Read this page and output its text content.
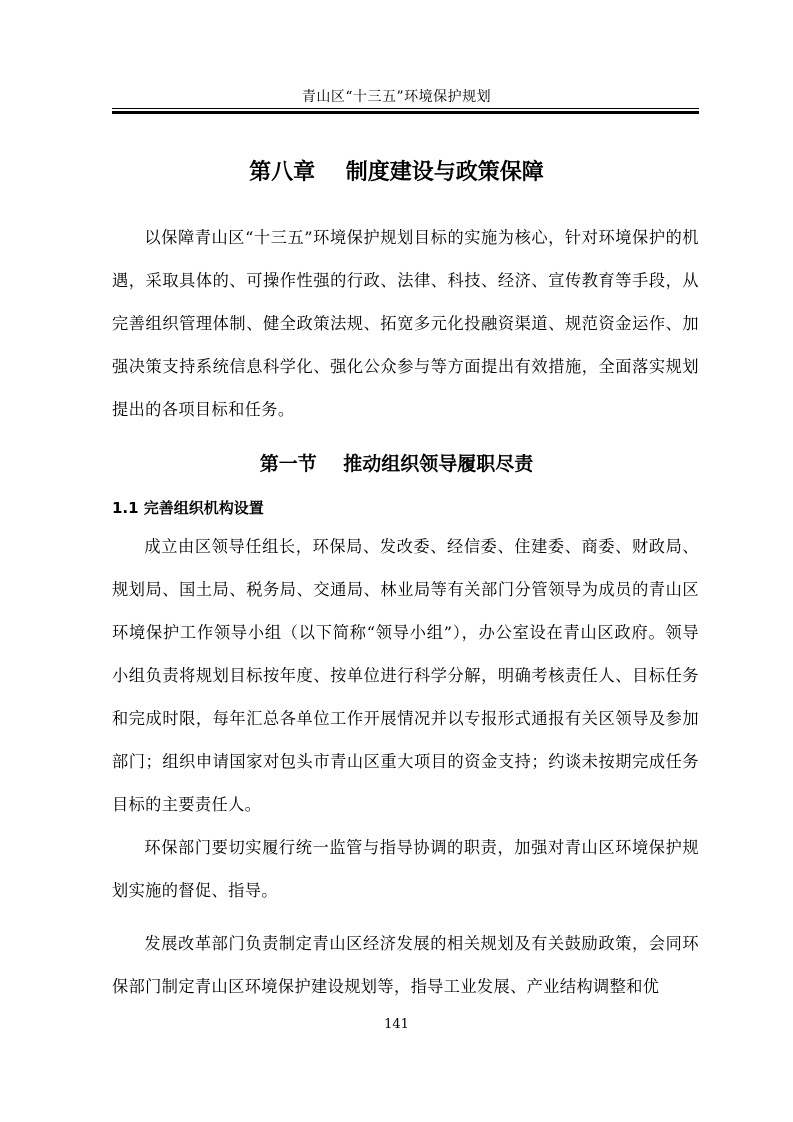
青山区“十三五”环境保护规划
第八章    制度建设与政策保障

以保障青山区“十三五”环境保护规划目标的实施为核心，针对环境保护的机遇，采取具体的、可操作性强的行政、法律、科技、经济、宣传教育等手段，从完善组织管理体制、健全政策法规、拓宽多元化投融资渠道、规范资金运作、加强决策支持系统信息科学化、强化公众参与等方面提出有效措施，全面落实规划提出的各项目标和任务。

第一节    推动组织领导履职尽责
1.1 完善组织机构设置

成立由区领导任组长，环保局、发改委、经信委、住建委、商委、财政局、规划局、国土局、税务局、交通局、林业局等有关部门分管领导为成员的青山区环境保护工作领导小组（以下简称“领导小组”），办公室设在青山区政府。领导小组负责将规划目标按年度、按单位进行科学分解，明确考核责任人、目标任务和完成时限，每年汇总各单位工作开展情况并以专报形式通报有关区领导及参加部门；组织申请国家对包头市青山区重大项目的资金支持；约谈未按期完成任务目标的主要责任人。

环保部门要切实履行统一监管与指导协调的职责，加强对青山区环境保护规划实施的督促、指导。

发展改革部门负责制定青山区经济发展的相关规划及有关鼓励政策，会同环保部门制定青山区环境保护建设规划等，指导工业发展、产业结构调整和优

141
